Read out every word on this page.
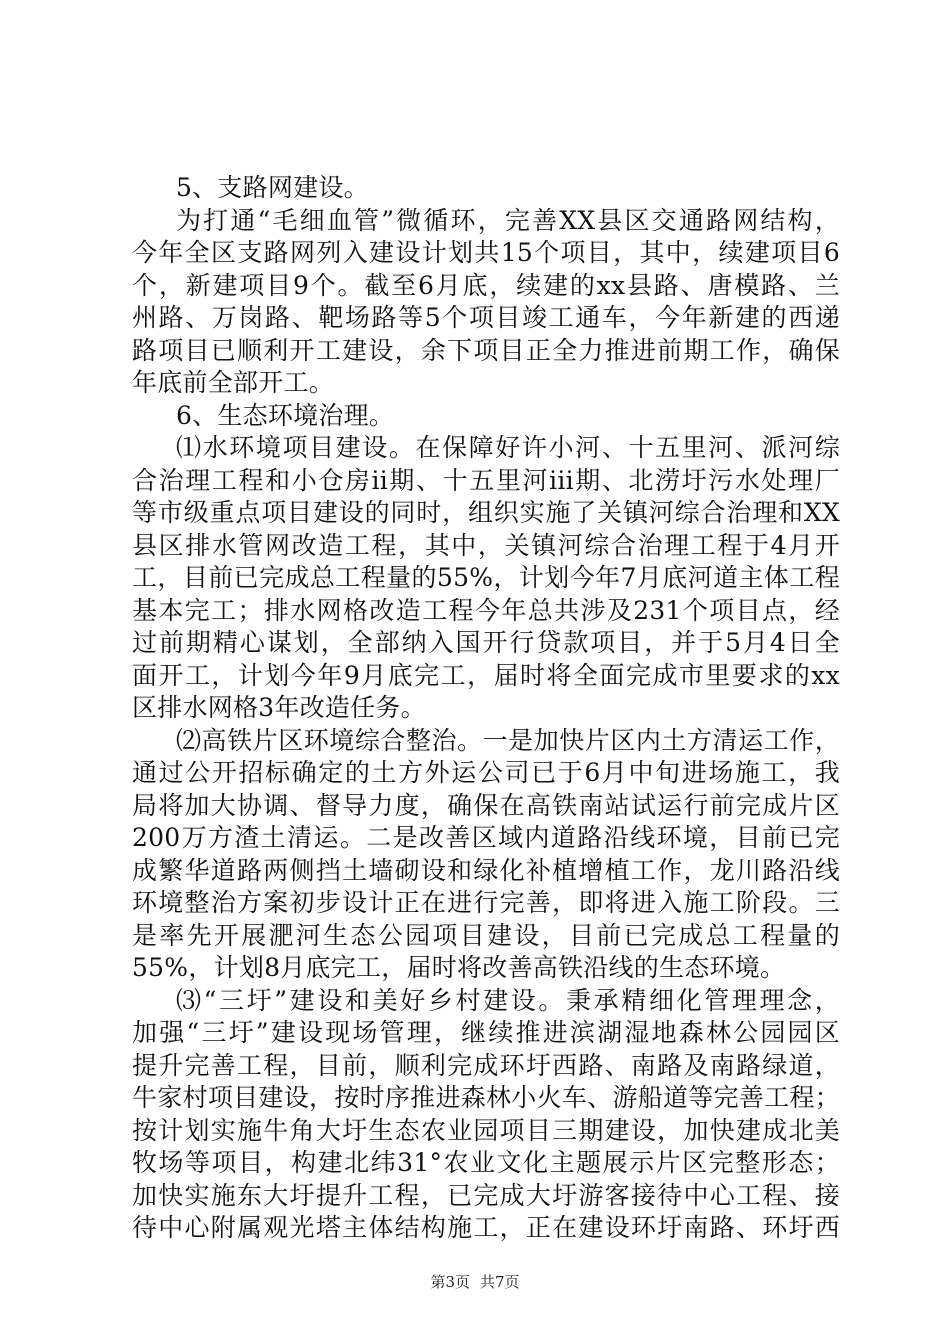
5、支路网建设。
为打通“毛细血管”微循环，完善XX县区交通路网结构，
今年全区支路网列入建设计划共15个项目，其中，续建项目6
个，新建项目9个。截至6月底，续建的xx县路、唐模路、兰
州路、万岗路、靶场路等5个项目竣工通车，今年新建的西递
路项目已顺利开工建设，余下项目正全力推进前期工作，确保
年底前全部开工。
6、生态环境治理。
⑴水环境项目建设。在保障好许小河、十五里河、派河综
合治理工程和小仓房ii期、十五里河iii期、北涝圩污水处理厂
等市级重点项目建设的同时，组织实施了关镇河综合治理和XX
县区排水管网改造工程，其中，关镇河综合治理工程于4月开
工，目前已完成总工程量的55%，计划今年7月底河道主体工程
基本完工；排水网格改造工程今年总共涉及231个项目点，经
过前期精心谋划，全部纳入国开行贷款项目，并于5月4日全
面开工，计划今年9月底完工，届时将全面完成市里要求的xx
区排水网格3年改造任务。
⑵高铁片区环境综合整治。一是加快片区内土方清运工作，
通过公开招标确定的土方外运公司已于6月中旬进场施工，我
局将加大协调、督导力度，确保在高铁南站试运行前完成片区
200万方渣土清运。二是改善区域内道路沿线环境，目前已完
成繁华道路两侧挡土墙砌设和绿化补植增植工作，龙川路沿线
环境整治方案初步设计正在进行完善，即将进入施工阶段。三
是率先开展淝河生态公园项目建设，目前已完成总工程量的
55%，计划8月底完工，届时将改善高铁沿线的生态环境。
⑶“三圩”建设和美好乡村建设。秉承精细化管理理念，
加强“三圩”建设现场管理，继续推进滨湖湿地森林公园园区
提升完善工程，目前，顺利完成环圩西路、南路及南路绿道，
牛家村项目建设，按时序推进森林小火车、游船道等完善工程；
按计划实施牛角大圩生态农业园项目三期建设，加快建成北美
牧场等项目，构建北纬31°农业文化主题展示片区完整形态；
加快实施东大圩提升工程，已完成大圩游客接待中心工程、接
待中心附属观光塔主体结构施工，正在建设环圩南路、环圩西
第3页 共7页
